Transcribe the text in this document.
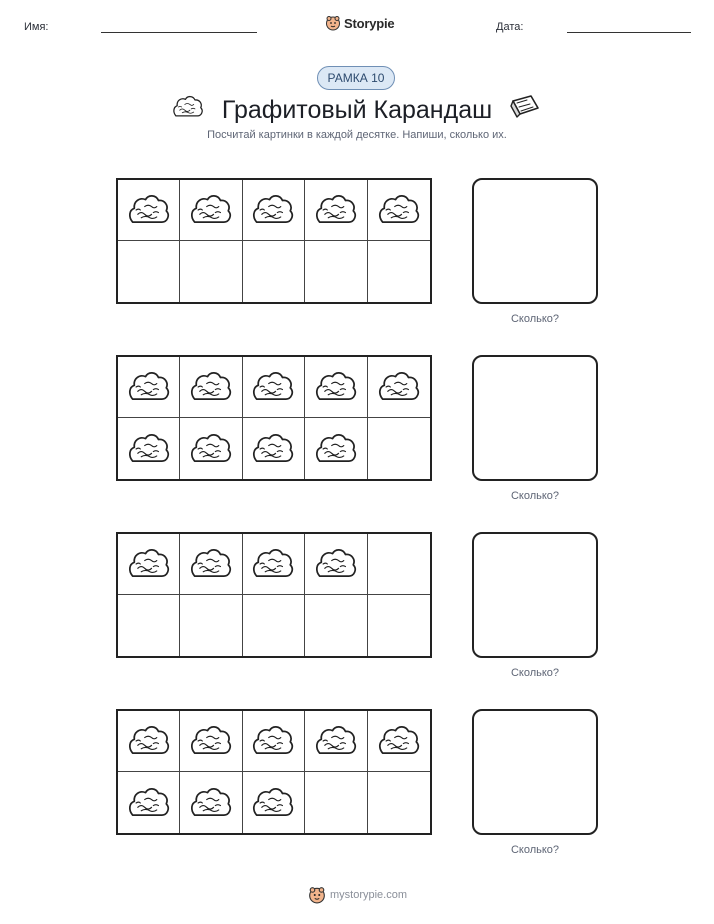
Имя:	Storypie	Дата:
РАМКА 10
Графитовый Карандаш
Посчитай картинки в каждой десятке. Напиши, сколько их.
Сколько?
Сколько?
Сколько?
Сколько?
mystorypie.com
